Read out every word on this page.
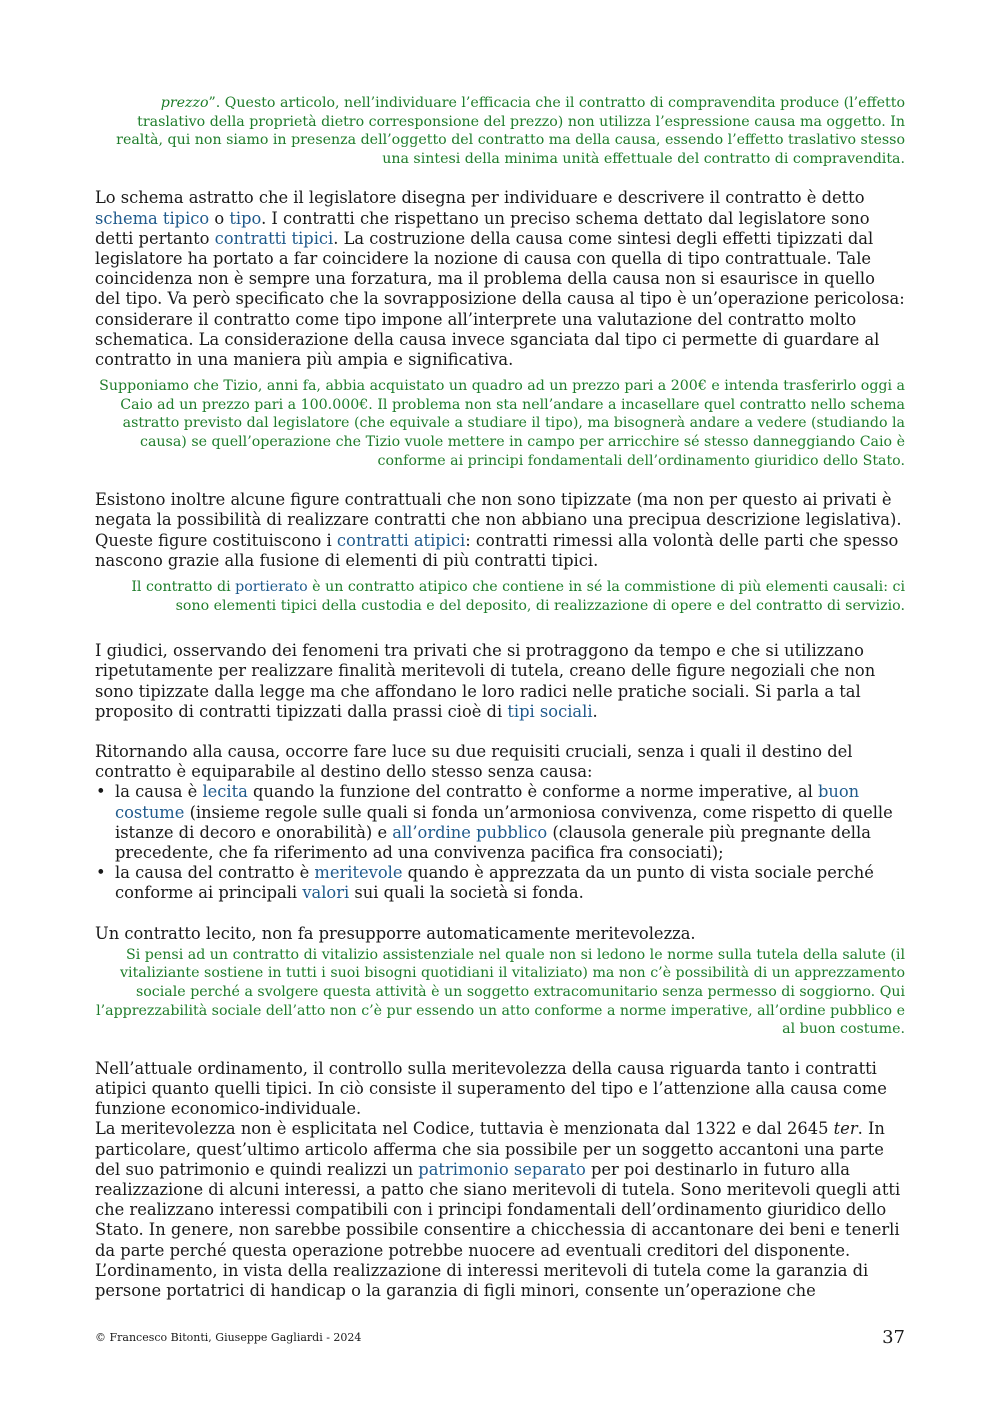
prezzo”. Questo articolo, nell’individuare l’efficacia che il contratto di compravendita produce (l’effetto traslativo della proprietà dietro corresponsione del prezzo) non utilizza l’espressione causa ma oggetto. In realtà, qui non siamo in presenza dell’oggetto del contratto ma della causa, essendo l’effetto traslativo stesso una sintesi della minima unità effettuale del contratto di compravendita.

Lo schema astratto che il legislatore disegna per individuare e descrivere il contratto è detto schema tipico o tipo. I contratti che rispettano un preciso schema dettato dal legislatore sono detti pertanto contratti tipici. La costruzione della causa come sintesi degli effetti tipizzati dal legislatore ha portato a far coincidere la nozione di causa con quella di tipo contrattuale. Tale coincidenza non è sempre una forzatura, ma il problema della causa non si esaurisce in quello del tipo. Va però specificato che la sovrapposizione della causa al tipo è un’operazione pericolosa: considerare il contratto come tipo impone all’interprete una valutazione del contratto molto schematica. La considerazione della causa invece sganciata dal tipo ci permette di guardare al contratto in una maniera più ampia e significativa.

Supponiamo che Tizio, anni fa, abbia acquistato un quadro ad un prezzo pari a 200€ e intenda trasferirlo oggi a Caio ad un prezzo pari a 100.000€. Il problema non sta nell’andare a incasellare quel contratto nello schema astratto previsto dal legislatore (che equivale a studiare il tipo), ma bisognerà andare a vedere (studiando la causa) se quell’operazione che Tizio vuole mettere in campo per arricchire sé stesso danneggiando Caio è conforme ai principi fondamentali dell’ordinamento giuridico dello Stato.

Esistono inoltre alcune figure contrattuali che non sono tipizzate (ma non per questo ai privati è negata la possibilità di realizzare contratti che non abbiano una precipua descrizione legislativa). Queste figure costituiscono i contratti atipici: contratti rimessi alla volontà delle parti che spesso nascono grazie alla fusione di elementi di più contratti tipici.

Il contratto di portierato è un contratto atipico che contiene in sé la commistione di più elementi causali: ci sono elementi tipici della custodia e del deposito, di realizzazione di opere e del contratto di servizio.

I giudici, osservando dei fenomeni tra privati che si protraggono da tempo e che si utilizzano ripetutamente per realizzare finalità meritevoli di tutela, creano delle figure negoziali che non sono tipizzate dalla legge ma che affondano le loro radici nelle pratiche sociali. Si parla a tal proposito di contratti tipizzati dalla prassi cioè di tipi sociali.

Ritornando alla causa, occorre fare luce su due requisiti cruciali, senza i quali il destino del contratto è equiparabile al destino dello stesso senza causa:

• la causa è lecita quando la funzione del contratto è conforme a norme imperative, al buon costume (insieme regole sulle quali si fonda un’armoniosa convivenza, come rispetto di quelle istanze di decoro e onorabilità) e all’ordine pubblico (clausola generale più pregnante della precedente, che fa riferimento ad una convivenza pacifica fra consociati);
• la causa del contratto è meritevole quando è apprezzata da un punto di vista sociale perché conforme ai principali valori sui quali la società si fonda.

Un contratto lecito, non fa presupporre automaticamente meritevolezza.

Si pensi ad un contratto di vitalizio assistenziale nel quale non si ledono le norme sulla tutela della salute (il vitaliziante sostiene in tutti i suoi bisogni quotidiani il vitaliziato) ma non c’è possibilità di un apprezzamento sociale perché a svolgere questa attività è un soggetto extracomunitario senza permesso di soggiorno. Qui l’apprezzabilità sociale dell’atto non c’è pur essendo un atto conforme a norme imperative, all’ordine pubblico e al buon costume.

Nell’attuale ordinamento, il controllo sulla meritevolezza della causa riguarda tanto i contratti atipici quanto quelli tipici. In ciò consiste il superamento del tipo e l’attenzione alla causa come funzione economico-individuale.

La meritevolezza non è esplicitata nel Codice, tuttavia è menzionata dal 1322 e dal 2645 ter. In particolare, quest’ultimo articolo afferma che sia possibile per un soggetto accantoni una parte del suo patrimonio e quindi realizzi un patrimonio separato per poi destinarlo in futuro alla realizzazione di alcuni interessi, a patto che siano meritevoli di tutela. Sono meritevoli quegli atti che realizzano interessi compatibili con i principi fondamentali dell’ordinamento giuridico dello Stato. In genere, non sarebbe possibile consentire a chicchessia di accantonare dei beni e tenerli da parte perché questa operazione potrebbe nuocere ad eventuali creditori del disponente.

L’ordinamento, in vista della realizzazione di interessi meritevoli di tutela come la garanzia di persone portatrici di handicap o la garanzia di figli minori, consente un’operazione che

© Francesco Bitonti, Giuseppe Gagliardi - 2024	37
